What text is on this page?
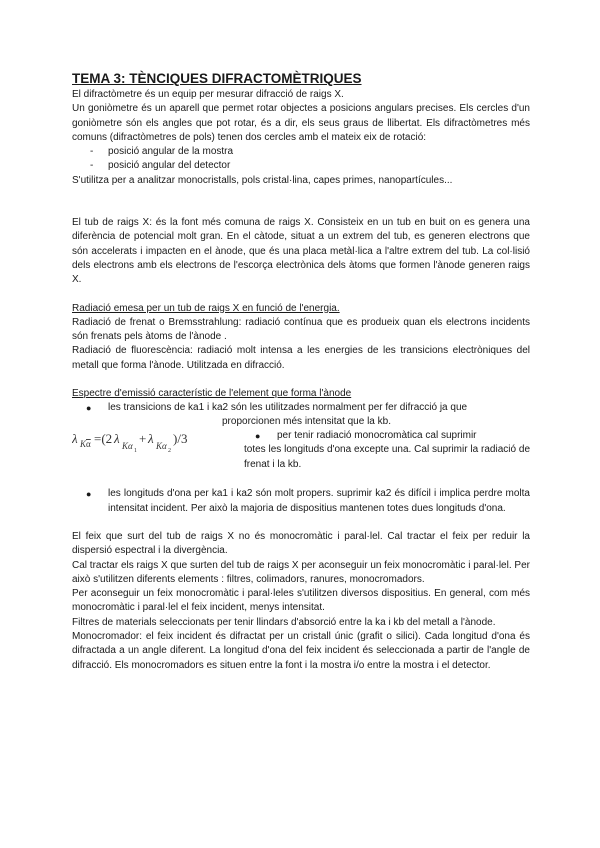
TEMA 3: TÈNCIQUES DIFRACTOMÈTRIQUES

El difractòmetre és un equip per mesurar difracció de raigs X.

Un goniòmetre és un aparell que permet rotar objectes a posicions angulars precises. Els cercles d'un goniòmetre són els angles que pot rotar, és a dir, els seus graus de llibertat. Els difractòmetres més comuns (difractòmetres de pols) tenen dos cercles amb el mateix eix de rotació:

- posició angular de la mostra
- posició angular del detector

S'utilitza per a analitzar monocristalls, pols cristal·lina, capes primes, nanopartícules...

El tub de raigs X: és la font més comuna de raigs X. Consisteix en un tub en buit on es genera una diferència de potencial molt gran. En el càtode, situat a un extrem del tub, es generen electrons que són accelerats i impacten en el ànode, que és una placa metàl·lica a l'altre extrem del tub. La col·lisió dels electrons amb els electrons de l'escorça electrònica dels àtoms que formen l'ànode generen raigs X.

Radiació emesa per un tub de raigs X en funció de l'energia.

Radiació de frenat o Bremsstrahlung: radiació contínua que es produeix quan els electrons incidents són frenats pels àtoms de l'ànode .

Radiació de fluorescència: radiació molt intensa a les energies de les transicions electròniques del metall que forma l'ànode. Utilitzada en difracció.

Espectre d'emissió característic de l'element que forma l'ànode
● les transicions de ka1 i ka2 són les utilitzades normalment per fer difracció ja que
proporcionen més intensitat que la kb.
λ K α =(2 λ Kα 1
+ λ Kα 2
)/3	● per tenir radiació monocromàtica cal suprimir
totes les longituds d'ona excepte una. Cal suprimir la radiació de frenat i la kb.
● les longituds d'ona per ka1 i ka2 són molt propers. suprimir ka2 és difícil i implica perdre molta intensitat incident. Per això la majoria de dispositius mantenen totes dues longituds d'ona.

El feix que surt del tub de raigs X no és monocromàtic i paral·lel. Cal tractar el feix per reduir la dispersió espectral i la divergència.

Cal tractar els raigs X que surten del tub de raigs X per aconseguir un feix monocromàtic i paral·lel. Per això s'utilitzen diferents elements : filtres, colimadors, ranures, monocromadors.

Per aconseguir un feix monocromàtic i paral·leles s'utilitzen diversos dispositius. En general, com més monocromàtic i paral·lel el feix incident, menys intensitat.

Filtres de materials seleccionats per tenir llindars d'absorció entre la ka i kb del metall a l'ànode.

Monocromador: el feix incident és difractat per un cristall únic (grafit o silici). Cada longitud d'ona és difractada a un angle diferent. La longitud d'ona del feix incident és seleccionada a partir de l'angle de difracció. Els monocromadors es situen entre la font i la mostra i/o entre la mostra i el detector.
